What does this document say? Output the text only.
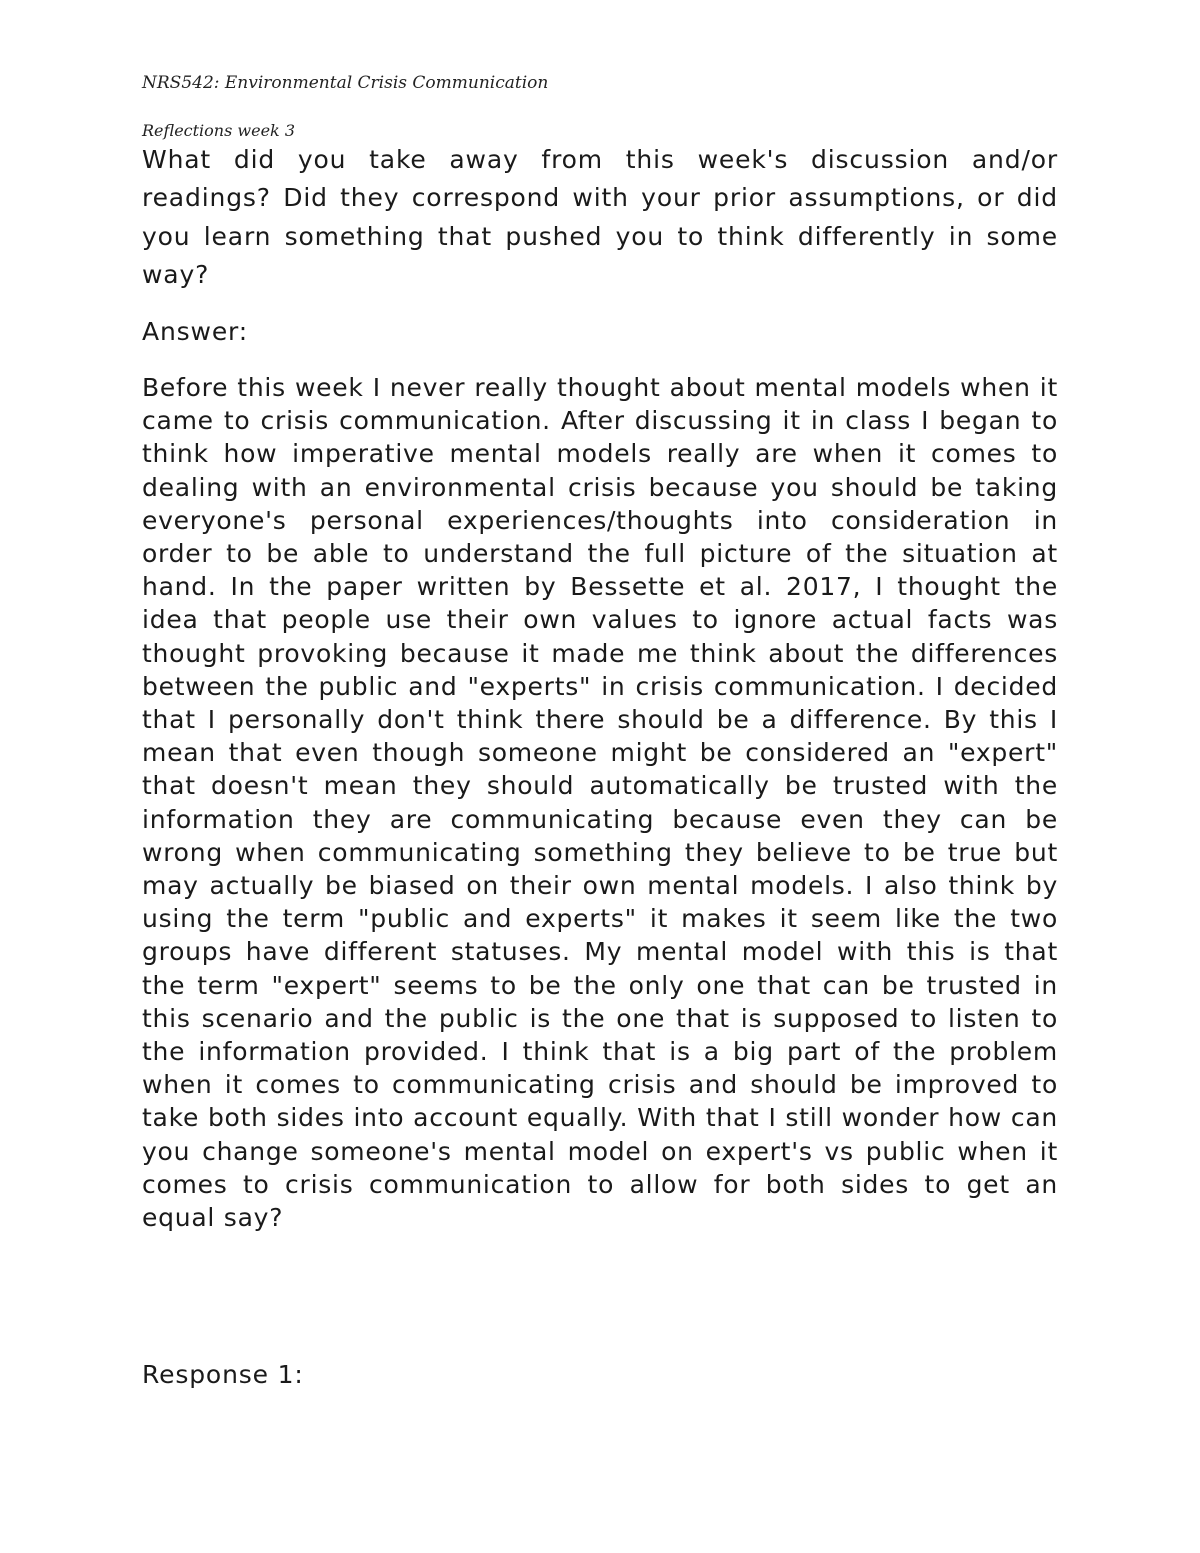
NRS542: Environmental Crisis Communication
Reflections week 3

What did you take away from this week's discussion and/or readings? Did they correspond with your prior assumptions, or did you learn something that pushed you to think differently in some way?

Answer:

Before this week I never really thought about mental models when it came to crisis communication. After discussing it in class I began to think how imperative mental models really are when it comes to dealing with an environmental crisis because you should be taking everyone's personal experiences/thoughts into consideration in order to be able to understand the full picture of the situation at hand. In the paper written by Bessette et al. 2017, I thought the idea that people use their own values to ignore actual facts was thought provoking because it made me think about the differences between the public and "experts" in crisis communication. I decided that I personally don't think there should be a difference. By this I mean that even though someone might be considered an "expert" that doesn't mean they should automatically be trusted with the information they are communicating because even they can be wrong when communicating something they believe to be true but may actually be biased on their own mental models. I also think by using the term "public and experts" it makes it seem like the two groups have different statuses. My mental model with this is that the term "expert" seems to be the only one that can be trusted in this scenario and the public is the one that is supposed to listen to the information provided. I think that is a big part of the problem when it comes to communicating crisis and should be improved to take both sides into account equally. With that I still wonder how can you change someone's mental model on expert's vs public when it comes to crisis communication to allow for both sides to get an equal say?

Response 1:
